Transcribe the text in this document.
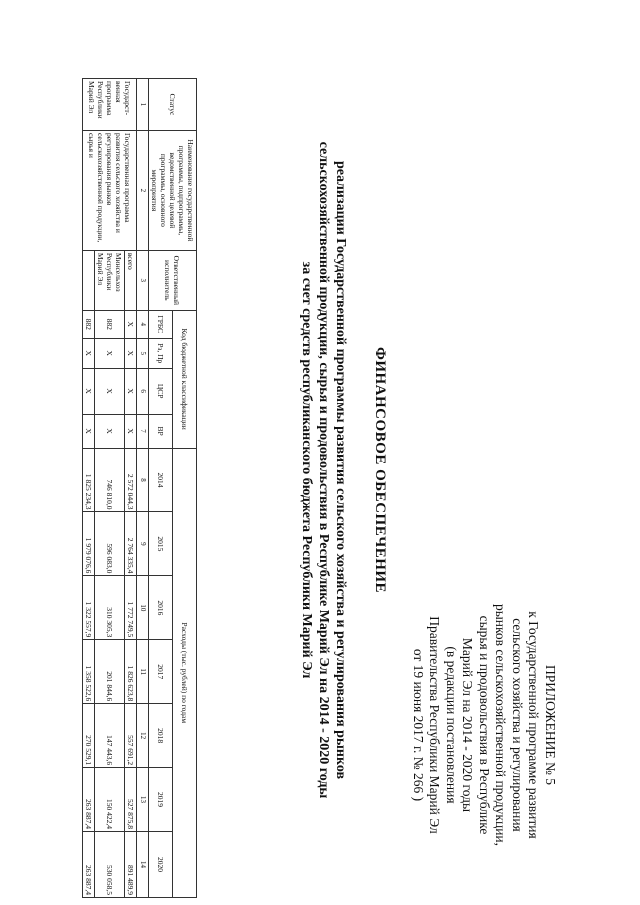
ПРИЛОЖЕНИЕ № 5
к Государственной программе развития
сельского хозяйства и регулирования
рынков сельскохозяйственной продукции,
сырья и продовольствия в Республике
Марий Эл на 2014 - 2020 годы
(в редакции постановления
Правительства Республики Марий Эл
от 19 июня 2017 г. № 266 )
ФИНАНСОВОЕ ОБЕСПЕЧЕНИЕ
реализации Государственной программы развития сельского хозяйства и регулирования рынков
сельскохозяйственной продукции, сырья и продовольствия в Республике Марий Эл на 2014 - 2020 годы
за счет средств республиканского бюджета Республики Марий Эл
Статус	Наименование государственной программы, подпрограммы, ведомственной целевой программы, основного мероприятия	Ответственный исполнитель	Код бюджетной классификации				Расходы (тыс. рублей) по годам						
			ГРБС	Рз, Пр	ЦСР	ВР	2014	2015	2016	2017	2018	2019	2020
1	2	3	4	5	6	7	8	9	10	11	12	13	14
Государст-венная программа Республики Марий Эл	Государственная программа развития сельского хозяйства и регулирования рынков сельскохозяйственной продукции, сырья и	всего	Х	Х	Х	Х	2 572 044,3	2 764 335,4	1 772 749,5	1 826 623,8	557 691,2	527 875,8	891 489,9
		Минсельхоз Республики Марий Эл	882	Х	Х	Х	746 810,0	596 083,0	310 305,3	201 844,6	147 443,6	150 422,4	530 058,5
			882	Х	Х	Х	1 825 234,3	1 979 076,6	1 322 557,9	1 358 522,6	270 529,1	263 887,4	263 887,4
